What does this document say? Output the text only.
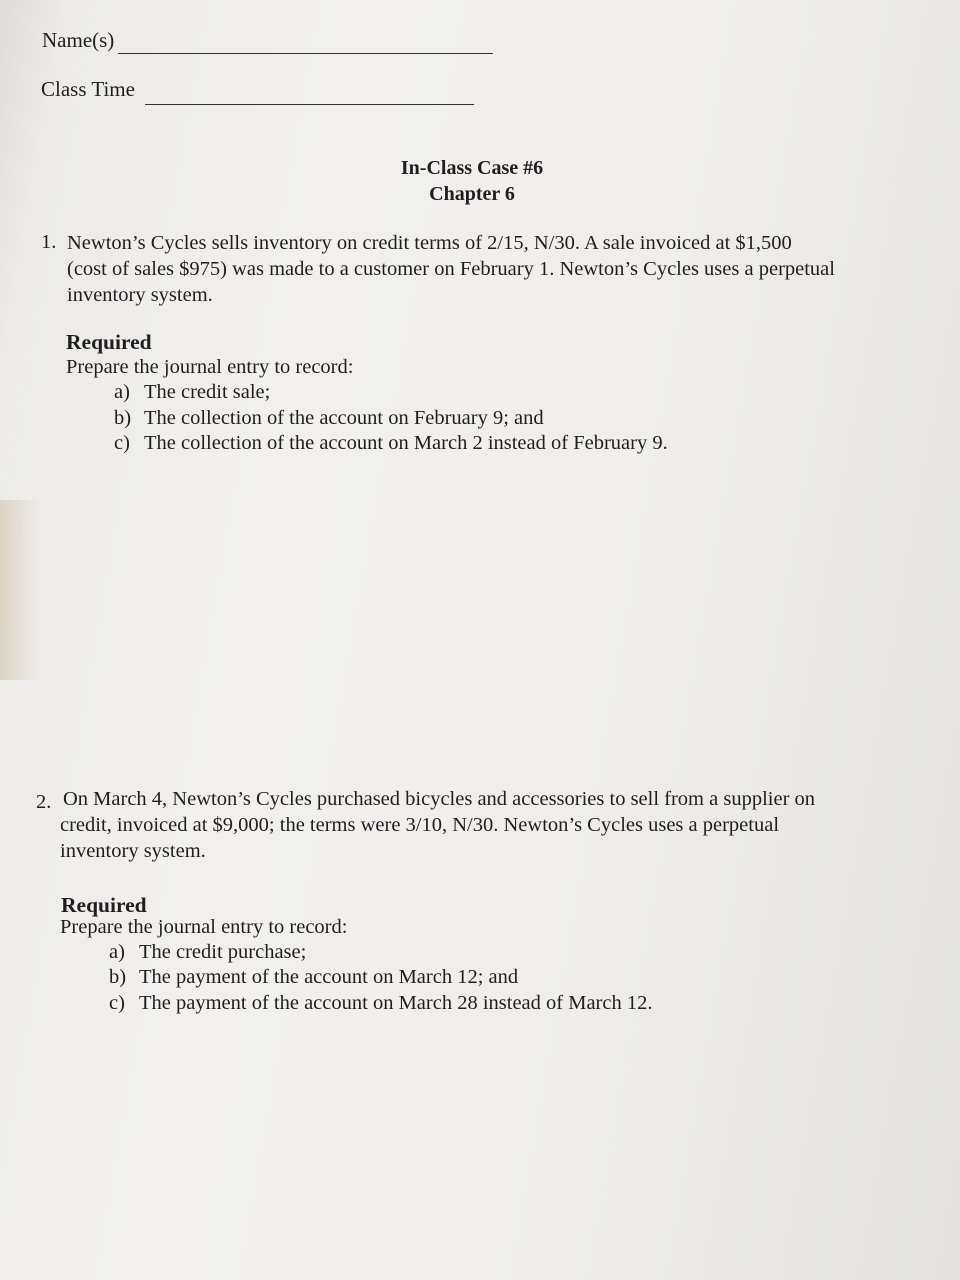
Name(s)
Class Time
In-Class Case #6
Chapter 6
1. Newton’s Cycles sells inventory on credit terms of 2/15, N/30. A sale invoiced at $1,500
(cost of sales $975) was made to a customer on February 1. Newton’s Cycles uses a perpetual
inventory system.
Required
Prepare the journal entry to record:
a) The credit sale;
b) The collection of the account on February 9; and
c) The collection of the account on March 2 instead of February 9.
2. On March 4, Newton’s Cycles purchased bicycles and accessories to sell from a supplier on
credit, invoiced at $9,000; the terms were 3/10, N/30. Newton’s Cycles uses a perpetual
inventory system.
Required
Prepare the journal entry to record:
a) The credit purchase;
b) The payment of the account on March 12; and
c) The payment of the account on March 28 instead of March 12.
